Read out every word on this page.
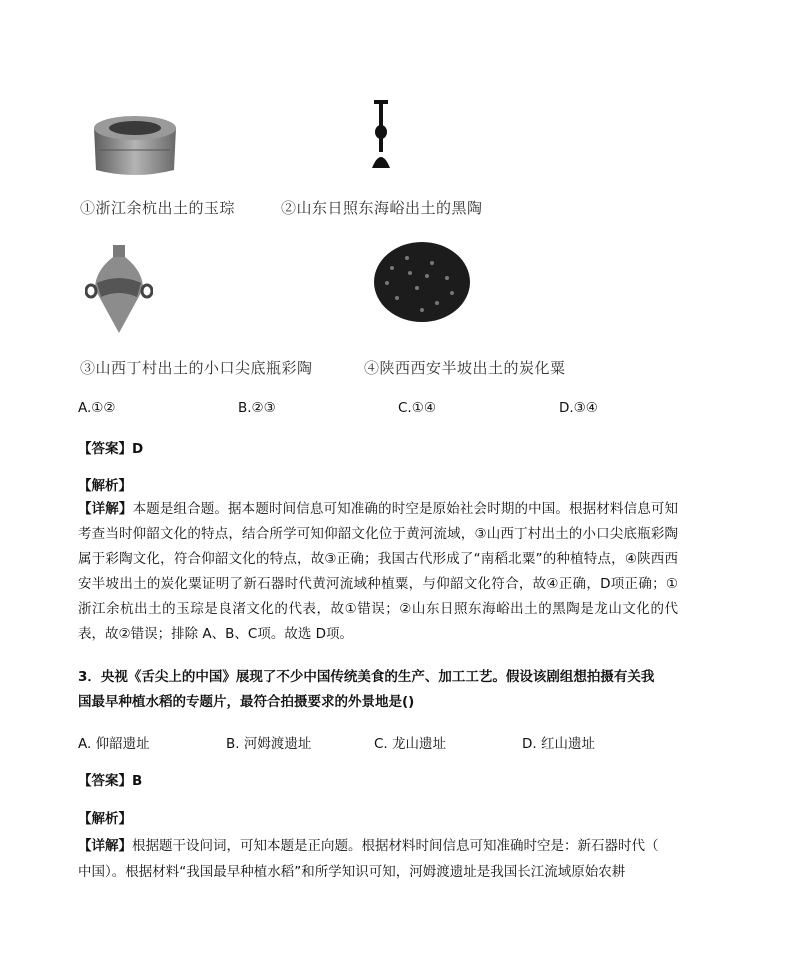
①浙江余杭出土的玉琮	②山东日照东海峪出土的黑陶
③山西丁村出土的小口尖底瓶彩陶	④陕西西安半坡出土的炭化粟
A.①②	B.②③	C.①④	D.③④
【答案】D
【解析】
【详解】本题是组合题。据本题时间信息可知准确的时空是原始社会时期的中国。根据材料信息可知考查当时仰韶文化的特点，结合所学可知仰韶文化位于黄河流域，③山西丁村出土的小口尖底瓶彩陶属于彩陶文化，符合仰韶文化的特点，故③正确；我国古代形成了“南稻北粟”的种植特点，④陕西西安半坡出土的炭化粟证明了新石器时代黄河流域种植粟，与仰韶文化符合，故④正确，D项正确；①浙江余杭出土的玉琮是良渚文化的代表，故①错误；②山东日照东海峪出土的黑陶是龙山文化的代表，故②错误；排除 A、B、C项。故选 D项。
3．央视《舌尖上的中国》展现了不少中国传统美食的生产、加工工艺。假设该剧组想拍摄有关我
国最早种植水稻的专题片，最符合拍摄要求的外景地是()
A. 仰韶遗址	B. 河姆渡遗址	C. 龙山遗址	D. 红山遗址
【答案】B
【解析】
【详解】根据题干设问词，可知本题是正向题。根据材料时间信息可知准确时空是：新石器时代（
中国）。根据材料“我国最早种植水稻”和所学知识可知，河姆渡遗址是我国长江流域原始农耕
